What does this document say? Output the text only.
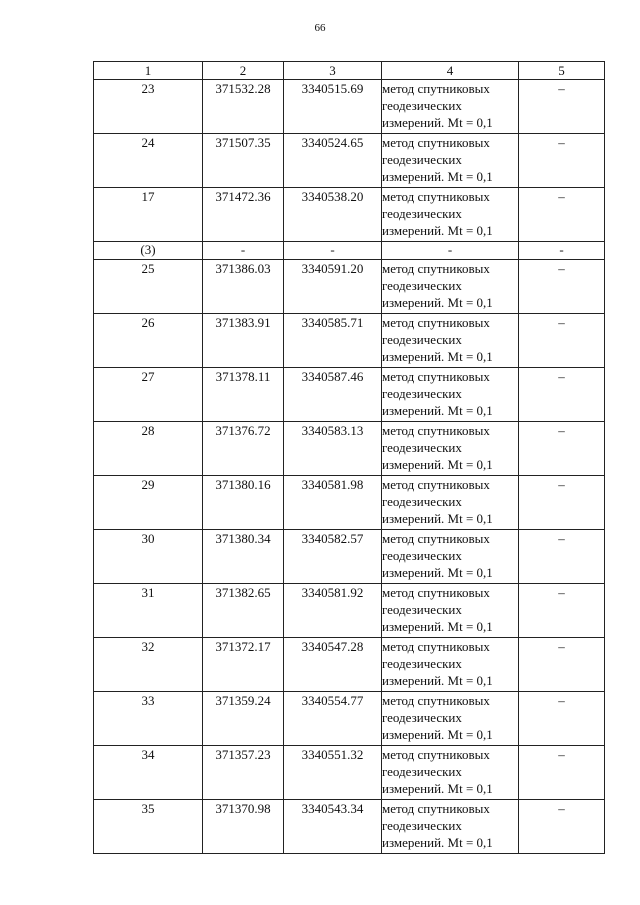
66
1	2	3	4	5
23	371532.28	3340515.69	метод спутниковых геодезических измерений. Mt = 0,1	–
24	371507.35	3340524.65	метод спутниковых геодезических измерений. Mt = 0,1	–
17	371472.36	3340538.20	метод спутниковых геодезических измерений. Mt = 0,1	–
(3)	-	-	-	-
25	371386.03	3340591.20	метод спутниковых геодезических измерений. Mt = 0,1	–
26	371383.91	3340585.71	метод спутниковых геодезических измерений. Mt = 0,1	–
27	371378.11	3340587.46	метод спутниковых геодезических измерений. Mt = 0,1	–
28	371376.72	3340583.13	метод спутниковых геодезических измерений. Mt = 0,1	–
29	371380.16	3340581.98	метод спутниковых геодезических измерений. Mt = 0,1	–
30	371380.34	3340582.57	метод спутниковых геодезических измерений. Mt = 0,1	–
31	371382.65	3340581.92	метод спутниковых геодезических измерений. Mt = 0,1	–
32	371372.17	3340547.28	метод спутниковых геодезических измерений. Mt = 0,1	–
33	371359.24	3340554.77	метод спутниковых геодезических измерений. Mt = 0,1	–
34	371357.23	3340551.32	метод спутниковых геодезических измерений. Mt = 0,1	–
35	371370.98	3340543.34	метод спутниковых геодезических измерений. Mt = 0,1	–
